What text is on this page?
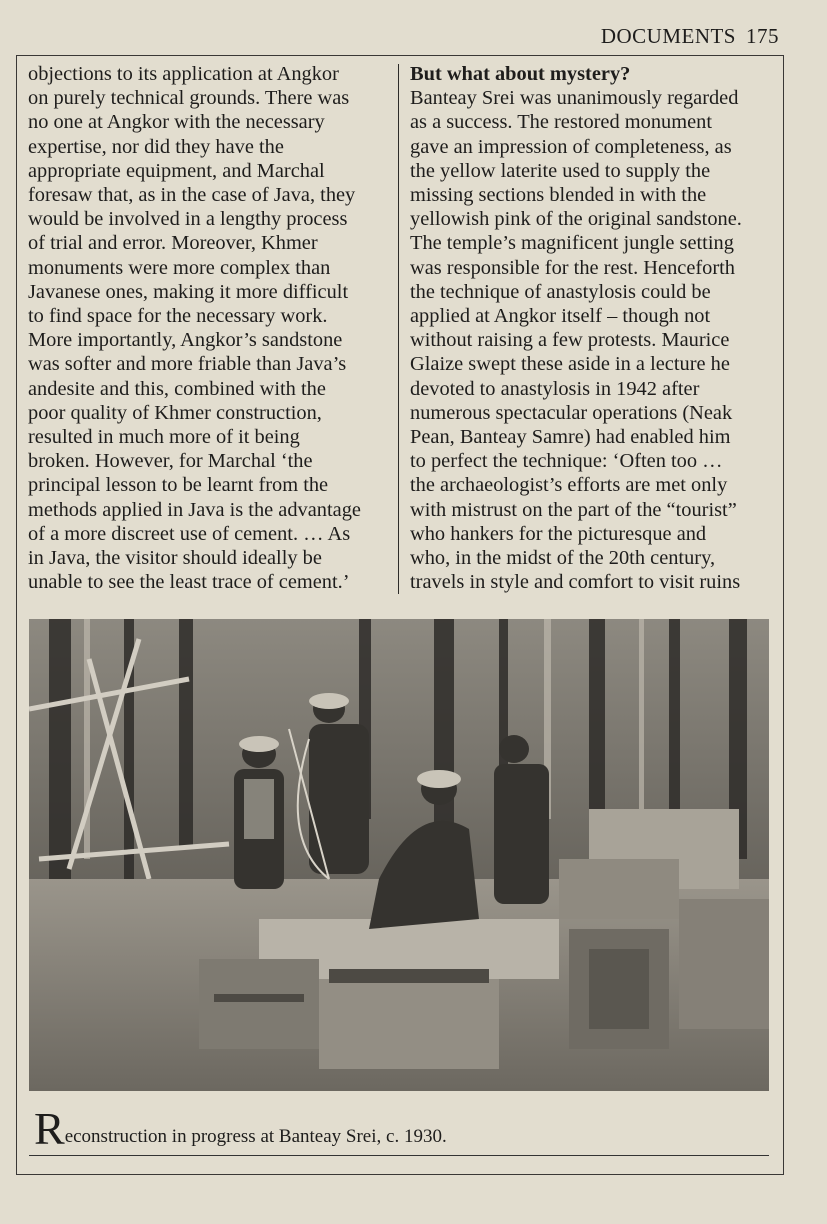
DOCUMENTS 175

objections to its application at Angkor
on purely technical grounds. There was
no one at Angkor with the necessary
expertise, nor did they have the
appropriate equipment, and Marchal
foresaw that, as in the case of Java, they
would be involved in a lengthy process
of trial and error. Moreover, Khmer
monuments were more complex than
Javanese ones, making it more difficult
to find space for the necessary work.
More importantly, Angkor’s sandstone
was softer and more friable than Java’s
andesite and this, combined with the
poor quality of Khmer construction,
resulted in much more of it being
broken. However, for Marchal ‘the
principal lesson to be learnt from the
methods applied in Java is the advantage
of a more discreet use of cement. … As
in Java, the visitor should ideally be
unable to see the least trace of cement.’

But what about mystery?

Banteay Srei was unanimously regarded
as a success. The restored monument
gave an impression of completeness, as
the yellow laterite used to supply the
missing sections blended in with the
yellowish pink of the original sandstone.
The temple’s magnificent jungle setting
was responsible for the rest. Henceforth
the technique of anastylosis could be
applied at Angkor itself – though not
without raising a few protests. Maurice
Glaize swept these aside in a lecture he
devoted to anastylosis in 1942 after
numerous spectacular operations (Neak
Pean, Banteay Samre) had enabled him
to perfect the technique: ‘Often too …
the archaeologist’s efforts are met only
with mistrust on the part of the “tourist”
who hankers for the picturesque and
who, in the midst of the 20th century,
travels in style and comfort to visit ruins

Reconstruction in progress at Banteay Srei, c. 1930.
